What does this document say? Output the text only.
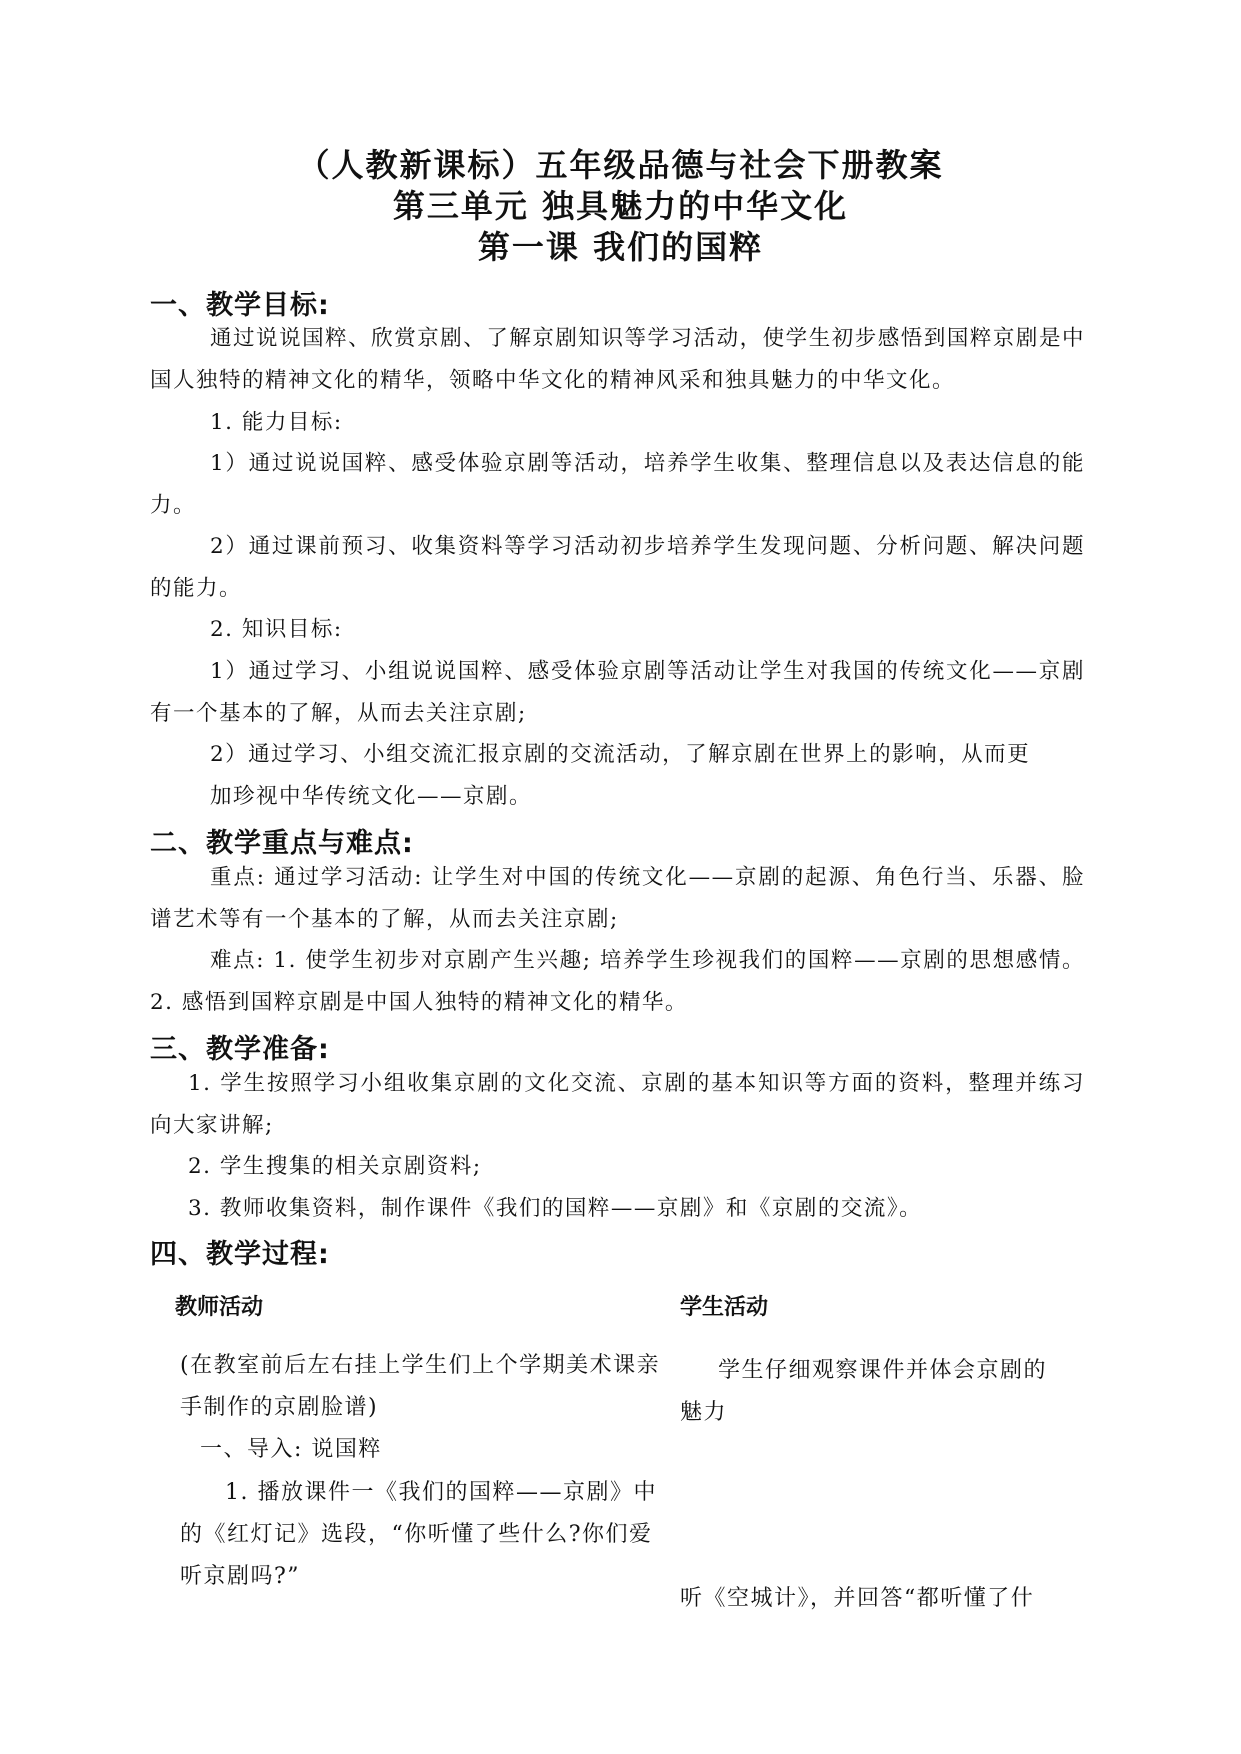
（人教新课标）五年级品德与社会下册教案
第三单元 独具魅力的中华文化
第一课 我们的国粹
一、教学目标:

通过说说国粹、欣赏京剧、了解京剧知识等学习活动，使学生初步感悟到国粹京剧是中国人独特的精神文化的精华，领略中华文化的精神风采和独具魅力的中华文化。

1. 能力目标:

1）通过说说国粹、感受体验京剧等活动，培养学生收集、整理信息以及表达信息的能力。

2）通过课前预习、收集资料等学习活动初步培养学生发现问题、分析问题、解决问题的能力。

2. 知识目标:

1）通过学习、小组说说国粹、感受体验京剧等活动让学生对我国的传统文化——京剧有一个基本的了解，从而去关注京剧;

2）通过学习、小组交流汇报京剧的交流活动，了解京剧在世界上的影响，从而更

加珍视中华传统文化——京剧。

二、教学重点与难点:

重点: 通过学习活动: 让学生对中国的传统文化——京剧的起源、角色行当、乐器、脸谱艺术等有一个基本的了解，从而去关注京剧;

难点: 1. 使学生初步对京剧产生兴趣; 培养学生珍视我们的国粹——京剧的思想感情。2. 感悟到国粹京剧是中国人独特的精神文化的精华。

三、教学准备:

1. 学生按照学习小组收集京剧的文化交流、京剧的基本知识等方面的资料，整理并练习向大家讲解;

2. 学生搜集的相关京剧资料;

3. 教师收集资料，制作课件《我们的国粹——京剧》和《京剧的交流》。

四、教学过程:
教师活动	学生活动

(在教室前后左右挂上学生们上个学期美术课亲手制作的京剧脸谱)

一、导入: 说国粹

1. 播放课件一《我们的国粹——京剧》中的《红灯记》选段，“你听懂了些什么?你们爱听京剧吗?”

学生仔细观察课件并体会京剧的魅力

听《空城计》，并回答“都听懂了什
